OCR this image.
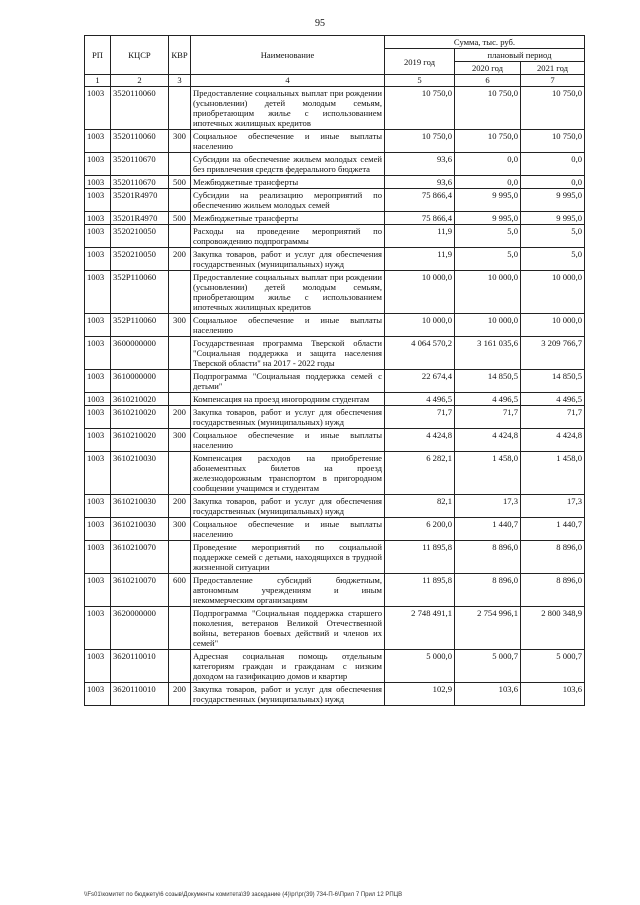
95
РП	КЦСР	КВР	Наименование	Сумма, тыс. руб.		
				2019 год	плановый период	
					2020 год	2021 год
1	2	3	4	5	6	7
1003	3520110060		Предоставление социальных выплат при рождении (усыновлении) детей молодым семьям, приобретающим жилье с использованием ипотечных жилищных кредитов	10 750,0	10 750,0	10 750,0
1003	3520110060	300	Социальное обеспечение и иные выплаты населению	10 750,0	10 750,0	10 750,0
1003	3520110670		Субсидии на обеспечение жильем молодых семей без привлечения средств федерального бюджета	93,6	0,0	0,0
1003	3520110670	500	Межбюджетные трансферты	93,6	0,0	0,0
1003	35201R4970		Субсидии на реализацию мероприятий по обеспечению жильем молодых семей	75 866,4	9 995,0	9 995,0
1003	35201R4970	500	Межбюджетные трансферты	75 866,4	9 995,0	9 995,0
1003	3520210050		Расходы на проведение мероприятий по сопровождению подпрограммы	11,9	5,0	5,0
1003	3520210050	200	Закупка товаров, работ и услуг для обеспечения государственных (муниципальных) нужд	11,9	5,0	5,0
1003	352P110060		Предоставление социальных выплат при рождении (усыновлении) детей молодым семьям, приобретающим жилье с использованием ипотечных жилищных кредитов	10 000,0	10 000,0	10 000,0
1003	352P110060	300	Социальное обеспечение и иные выплаты населению	10 000,0	10 000,0	10 000,0
1003	3600000000		Государственная программа Тверской области "Социальная поддержка и защита населения Тверской области" на 2017 - 2022 годы	4 064 570,2	3 161 035,6	3 209 766,7
1003	3610000000		Подпрограмма "Социальная поддержка семей с детьми"	22 674,4	14 850,5	14 850,5
1003	3610210020		Компенсация на проезд иногородним студентам	4 496,5	4 496,5	4 496,5
1003	3610210020	200	Закупка товаров, работ и услуг для обеспечения государственных (муниципальных) нужд	71,7	71,7	71,7
1003	3610210020	300	Социальное обеспечение и иные выплаты населению	4 424,8	4 424,8	4 424,8
1003	3610210030		Компенсация расходов на приобретение абонементных билетов на проезд железнодорожным транспортом в пригородном сообщении учащимся и студентам	6 282,1	1 458,0	1 458,0
1003	3610210030	200	Закупка товаров, работ и услуг для обеспечения государственных (муниципальных) нужд	82,1	17,3	17,3
1003	3610210030	300	Социальное обеспечение и иные выплаты населению	6 200,0	1 440,7	1 440,7
1003	3610210070		Проведение мероприятий по социальной поддержке семей с детьми, находящихся в трудной жизненной ситуации	11 895,8	8 896,0	8 896,0
1003	3610210070	600	Предоставление субсидий бюджетным, автономным учреждениям и иным некоммерческим организациям	11 895,8	8 896,0	8 896,0
1003	3620000000		Подпрограмма "Социальная поддержка старшего поколения, ветеранов Великой Отечественной войны, ветеранов боевых действий и членов их семей"	2 748 491,1	2 754 996,1	2 800 348,9
1003	3620110010		Адресная социальная помощь отдельным категориям граждан и гражданам с низким доходом на газификацию домов и квартир	5 000,0	5 000,7	5 000,7
1003	3620110010	200	Закупка товаров, работ и услуг для обеспечения государственных (муниципальных) нужд	102,9	103,6	103,6
\\Fs01\комитет по бюджету\6 созыв\Документы комитета\39 заседание (4)\рг\рг(39) 734-П-6\Прил 7 Прил 12 РПЦВ
